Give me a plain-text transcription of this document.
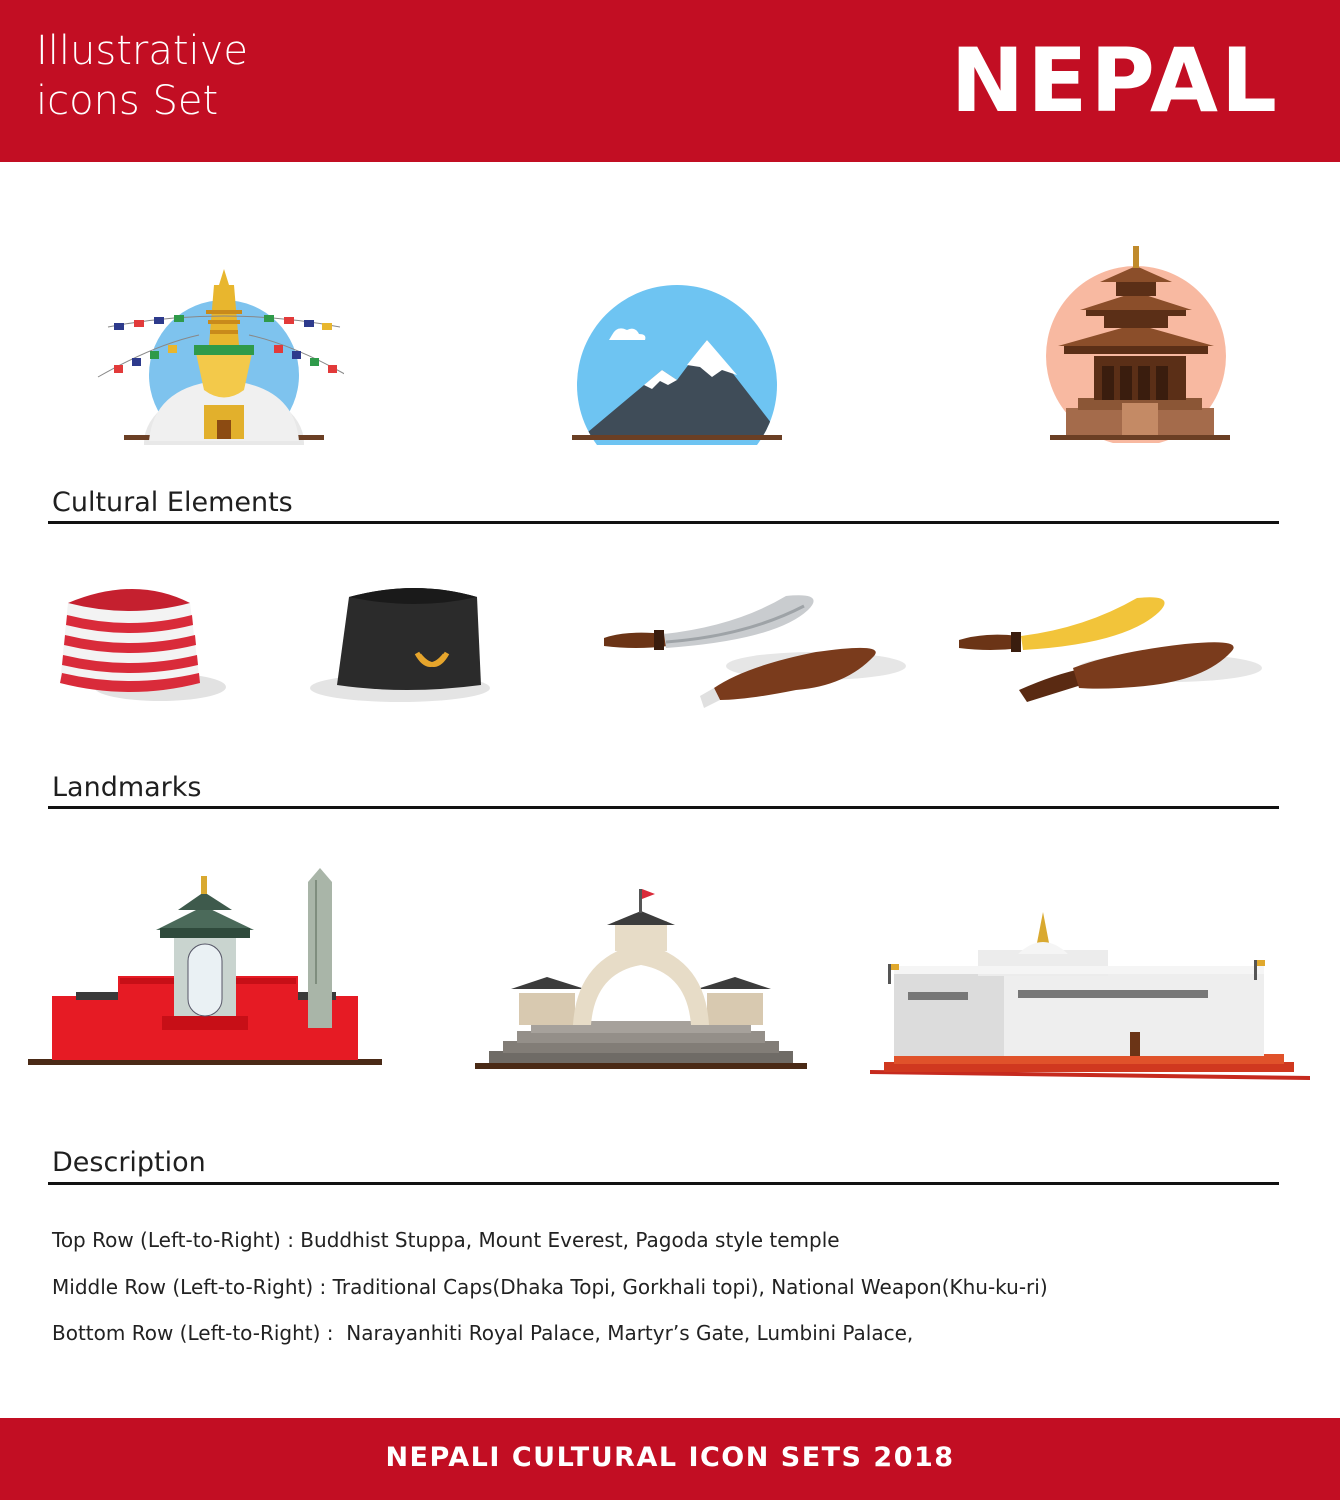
Illustrative
icons Set	NEPAL
Cultural Elements
Landmarks
Description
Top Row (Left-to-Right) : Buddhist Stuppa, Mount Everest, Pagoda style temple
Middle Row (Left-to-Right) : Traditional Caps(Dhaka Topi, Gorkhali topi), National Weapon(Khu-ku-ri)
Bottom Row (Left-to-Right) :  Narayanhiti Royal Palace, Martyr’s Gate, Lumbini Palace,
NEPALI CULTURAL ICON SETS 2018
